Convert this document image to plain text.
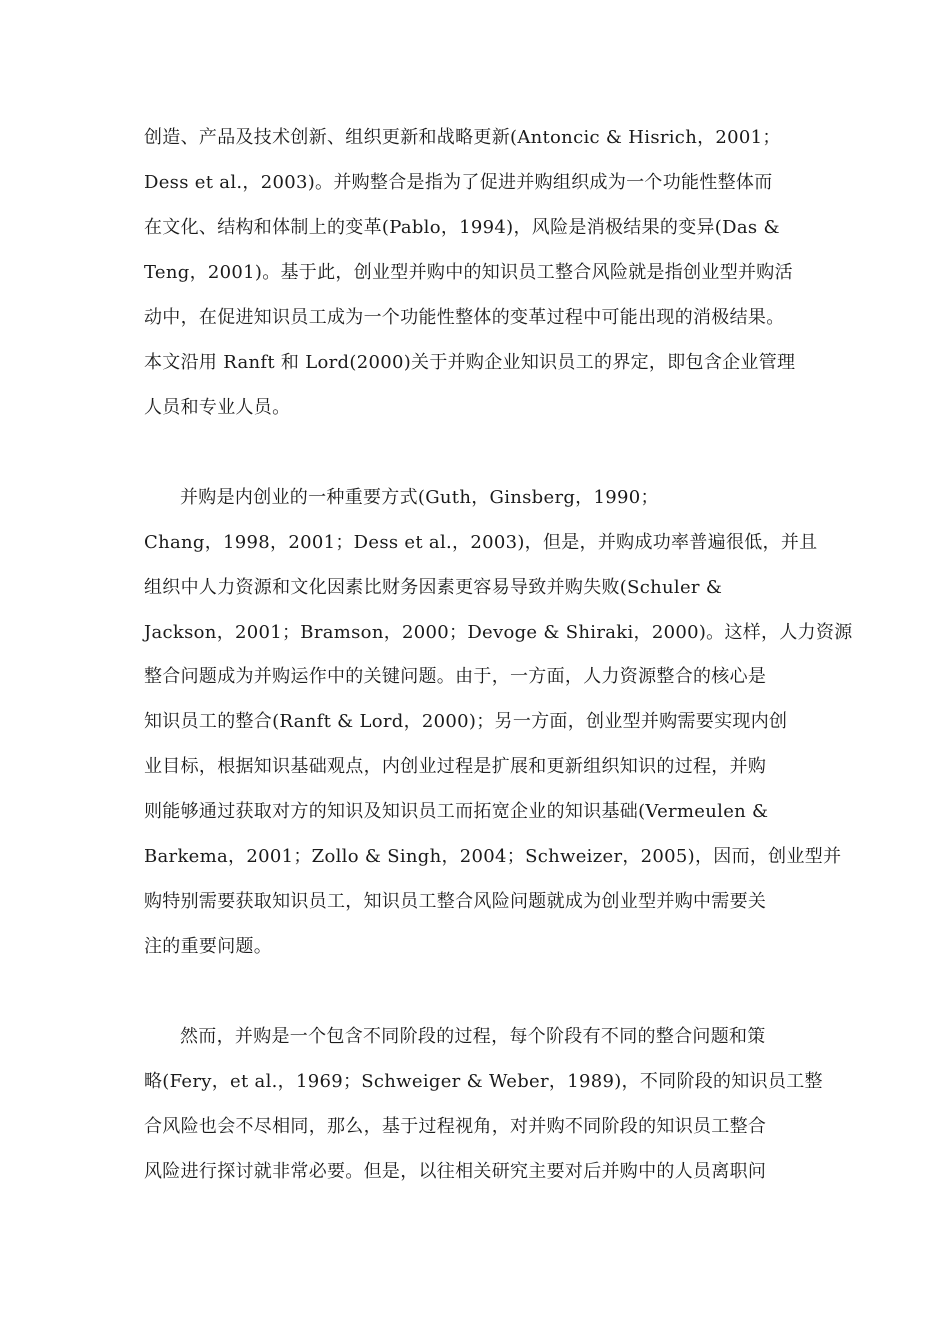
创造、产品及技术创新、组织更新和战略更新(Antoncic & Hisrich，2001；
Dess et al.，2003)。并购整合是指为了促进并购组织成为一个功能性整体而
在文化、结构和体制上的变革(Pablo，1994)，风险是消极结果的变异(Das &
Teng，2001)。基于此，创业型并购中的知识员工整合风险就是指创业型并购活
动中，在促进知识员工成为一个功能性整体的变革过程中可能出现的消极结果。
本文沿用 Ranft 和 Lord(2000)关于并购企业知识员工的界定，即包含企业管理
人员和专业人员。
并购是内创业的一种重要方式(Guth，Ginsberg，1990；
Chang，1998，2001；Dess et al.，2003)，但是，并购成功率普遍很低，并且
组织中人力资源和文化因素比财务因素更容易导致并购失败(Schuler &
Jackson，2001；Bramson，2000；Devoge & Shiraki，2000)。这样，人力资源
整合问题成为并购运作中的关键问题。由于，一方面，人力资源整合的核心是
知识员工的整合(Ranft & Lord，2000)；另一方面，创业型并购需要实现内创
业目标，根据知识基础观点，内创业过程是扩展和更新组织知识的过程，并购
则能够通过获取对方的知识及知识员工而拓宽企业的知识基础(Vermeulen &
Barkema，2001；Zollo & Singh，2004；Schweizer，2005)，因而，创业型并
购特别需要获取知识员工，知识员工整合风险问题就成为创业型并购中需要关
注的重要问题。
然而，并购是一个包含不同阶段的过程，每个阶段有不同的整合问题和策
略(Fery，et al.，1969；Schweiger & Weber，1989)，不同阶段的知识员工整
合风险也会不尽相同，那么，基于过程视角，对并购不同阶段的知识员工整合
风险进行探讨就非常必要。但是，以往相关研究主要对后并购中的人员离职问
